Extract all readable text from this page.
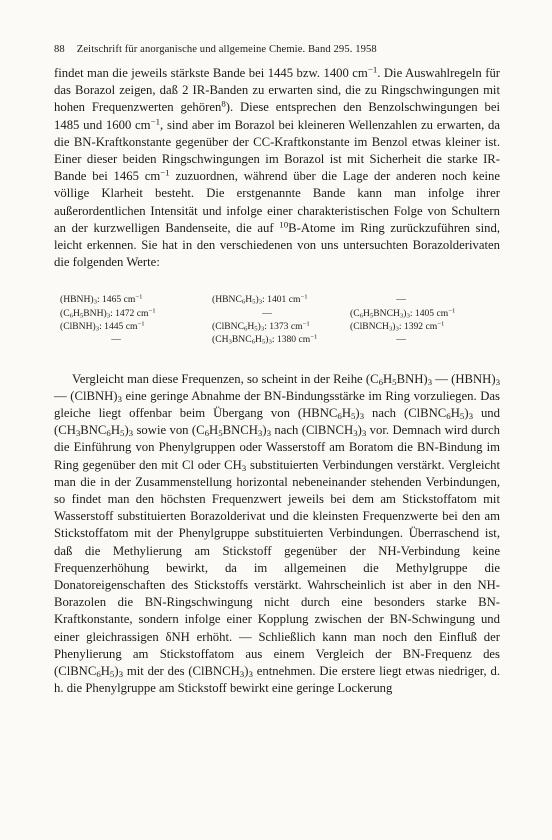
88 Zeitschrift für anorganische und allgemeine Chemie. Band 295. 1958

findet man die jeweils stärkste Bande bei 1445 bzw. 1400 $cm^{-1}$. Die Auswahlregeln für das Borazol zeigen, daß 2 IR-Banden zu erwarten sind, die zu Ringschwingungen mit hohen Frequenzwerten gehören$^8$). Diese entsprechen den Benzolschwingungen bei 1485 und 1600 $cm^{-1}$, sind aber im Borazol bei kleineren Wellenzahlen zu erwarten, da die BN-Kraftkonstante gegenüber der CC-Kraftkonstante im Benzol etwas kleiner ist. Einer dieser beiden Ringschwingungen im Borazol ist mit Sicherheit die starke IR-Bande bei 1465 $cm^{-1}$ zuzuordnen, während über die Lage der anderen noch keine völlige Klarheit besteht. Die erstgenannte Bande kann man infolge ihrer außerordentlichen Intensität und infolge einer charakteristischen Folge von Schultern an der kurzwelligen Bandenseite, die auf $^{10}$B-Atome im Ring zurückzuführen sind, leicht erkennen. Sie hat in den verschiedenen von uns untersuchten Borazolderivaten die folgenden Werte:

$(HBNH)_3$: 1465 $cm^{-1}$	$(HBNC_6H_5)_3$: 1401 $cm^{-1}$	—
$(C_6H_5BNH)_3$: 1472 $cm^{-1}$	—	$(C_6H_5BNCH_3)_3$: 1405 $cm^{-1}$
$(ClBNH)_3$: 1445 $cm^{-1}$	$(ClBNC_6H_5)_3$: 1373 $cm^{-1}$	$(ClBNCH_3)_3$: 1392 $cm^{-1}$
—	$(CH_3BNC_6H_5)_3$: 1380 $cm^{-1}$	—

Vergleicht man diese Frequenzen, so scheint in der Reihe $(C_6H_5BNH)_3$ — $(HBNH)_3$ — $(ClBNH)_3$ eine geringe Abnahme der BN-Bindungsstärke im Ring vorzuliegen. Das gleiche liegt offenbar beim Übergang von $(HBNC_6H_5)_3$ nach $(ClBNC_6H_5)_3$ und $(CH_3BNC_6H_5)_3$ sowie von $(C_6H_5BNCH_3)_3$ nach $(ClBNCH_3)_3$ vor. Demnach wird durch die Einführung von Phenylgruppen oder Wasserstoff am Boratom die BN-Bindung im Ring gegenüber den mit Cl oder $CH_3$ substituierten Verbindungen verstärkt. Vergleicht man die in der Zusammenstellung horizontal nebeneinander stehenden Verbindungen, so findet man den höchsten Frequenzwert jeweils bei dem am Stickstoffatom mit Wasserstoff substituierten Borazolderivat und die kleinsten Frequenzwerte bei den am Stickstoffatom mit der Phenylgruppe substituierten Verbindungen. Überraschend ist, daß die Methylierung am Stickstoff gegenüber der NH-Verbindung keine Frequenzerhöhung bewirkt, da im allgemeinen die Methylgruppe die Donatoreigenschaften des Stickstoffs verstärkt. Wahrscheinlich ist aber in den NH-Borazolen die BN-Ringschwingung nicht durch eine besonders starke BN-Kraftkonstante, sondern infolge einer Kopplung zwischen der BN-Schwingung und einer gleichrassigen δNH erhöht. — Schließlich kann man noch den Einfluß der Phenylierung am Stickstoffatom aus einem Vergleich der BN-Frequenz des $(ClBNC_6H_5)_3$ mit der des $(ClBNCH_3)_3$ entnehmen. Die erstere liegt etwas niedriger, d. h. die Phenylgruppe am Stickstoff bewirkt eine geringe Lockerung
